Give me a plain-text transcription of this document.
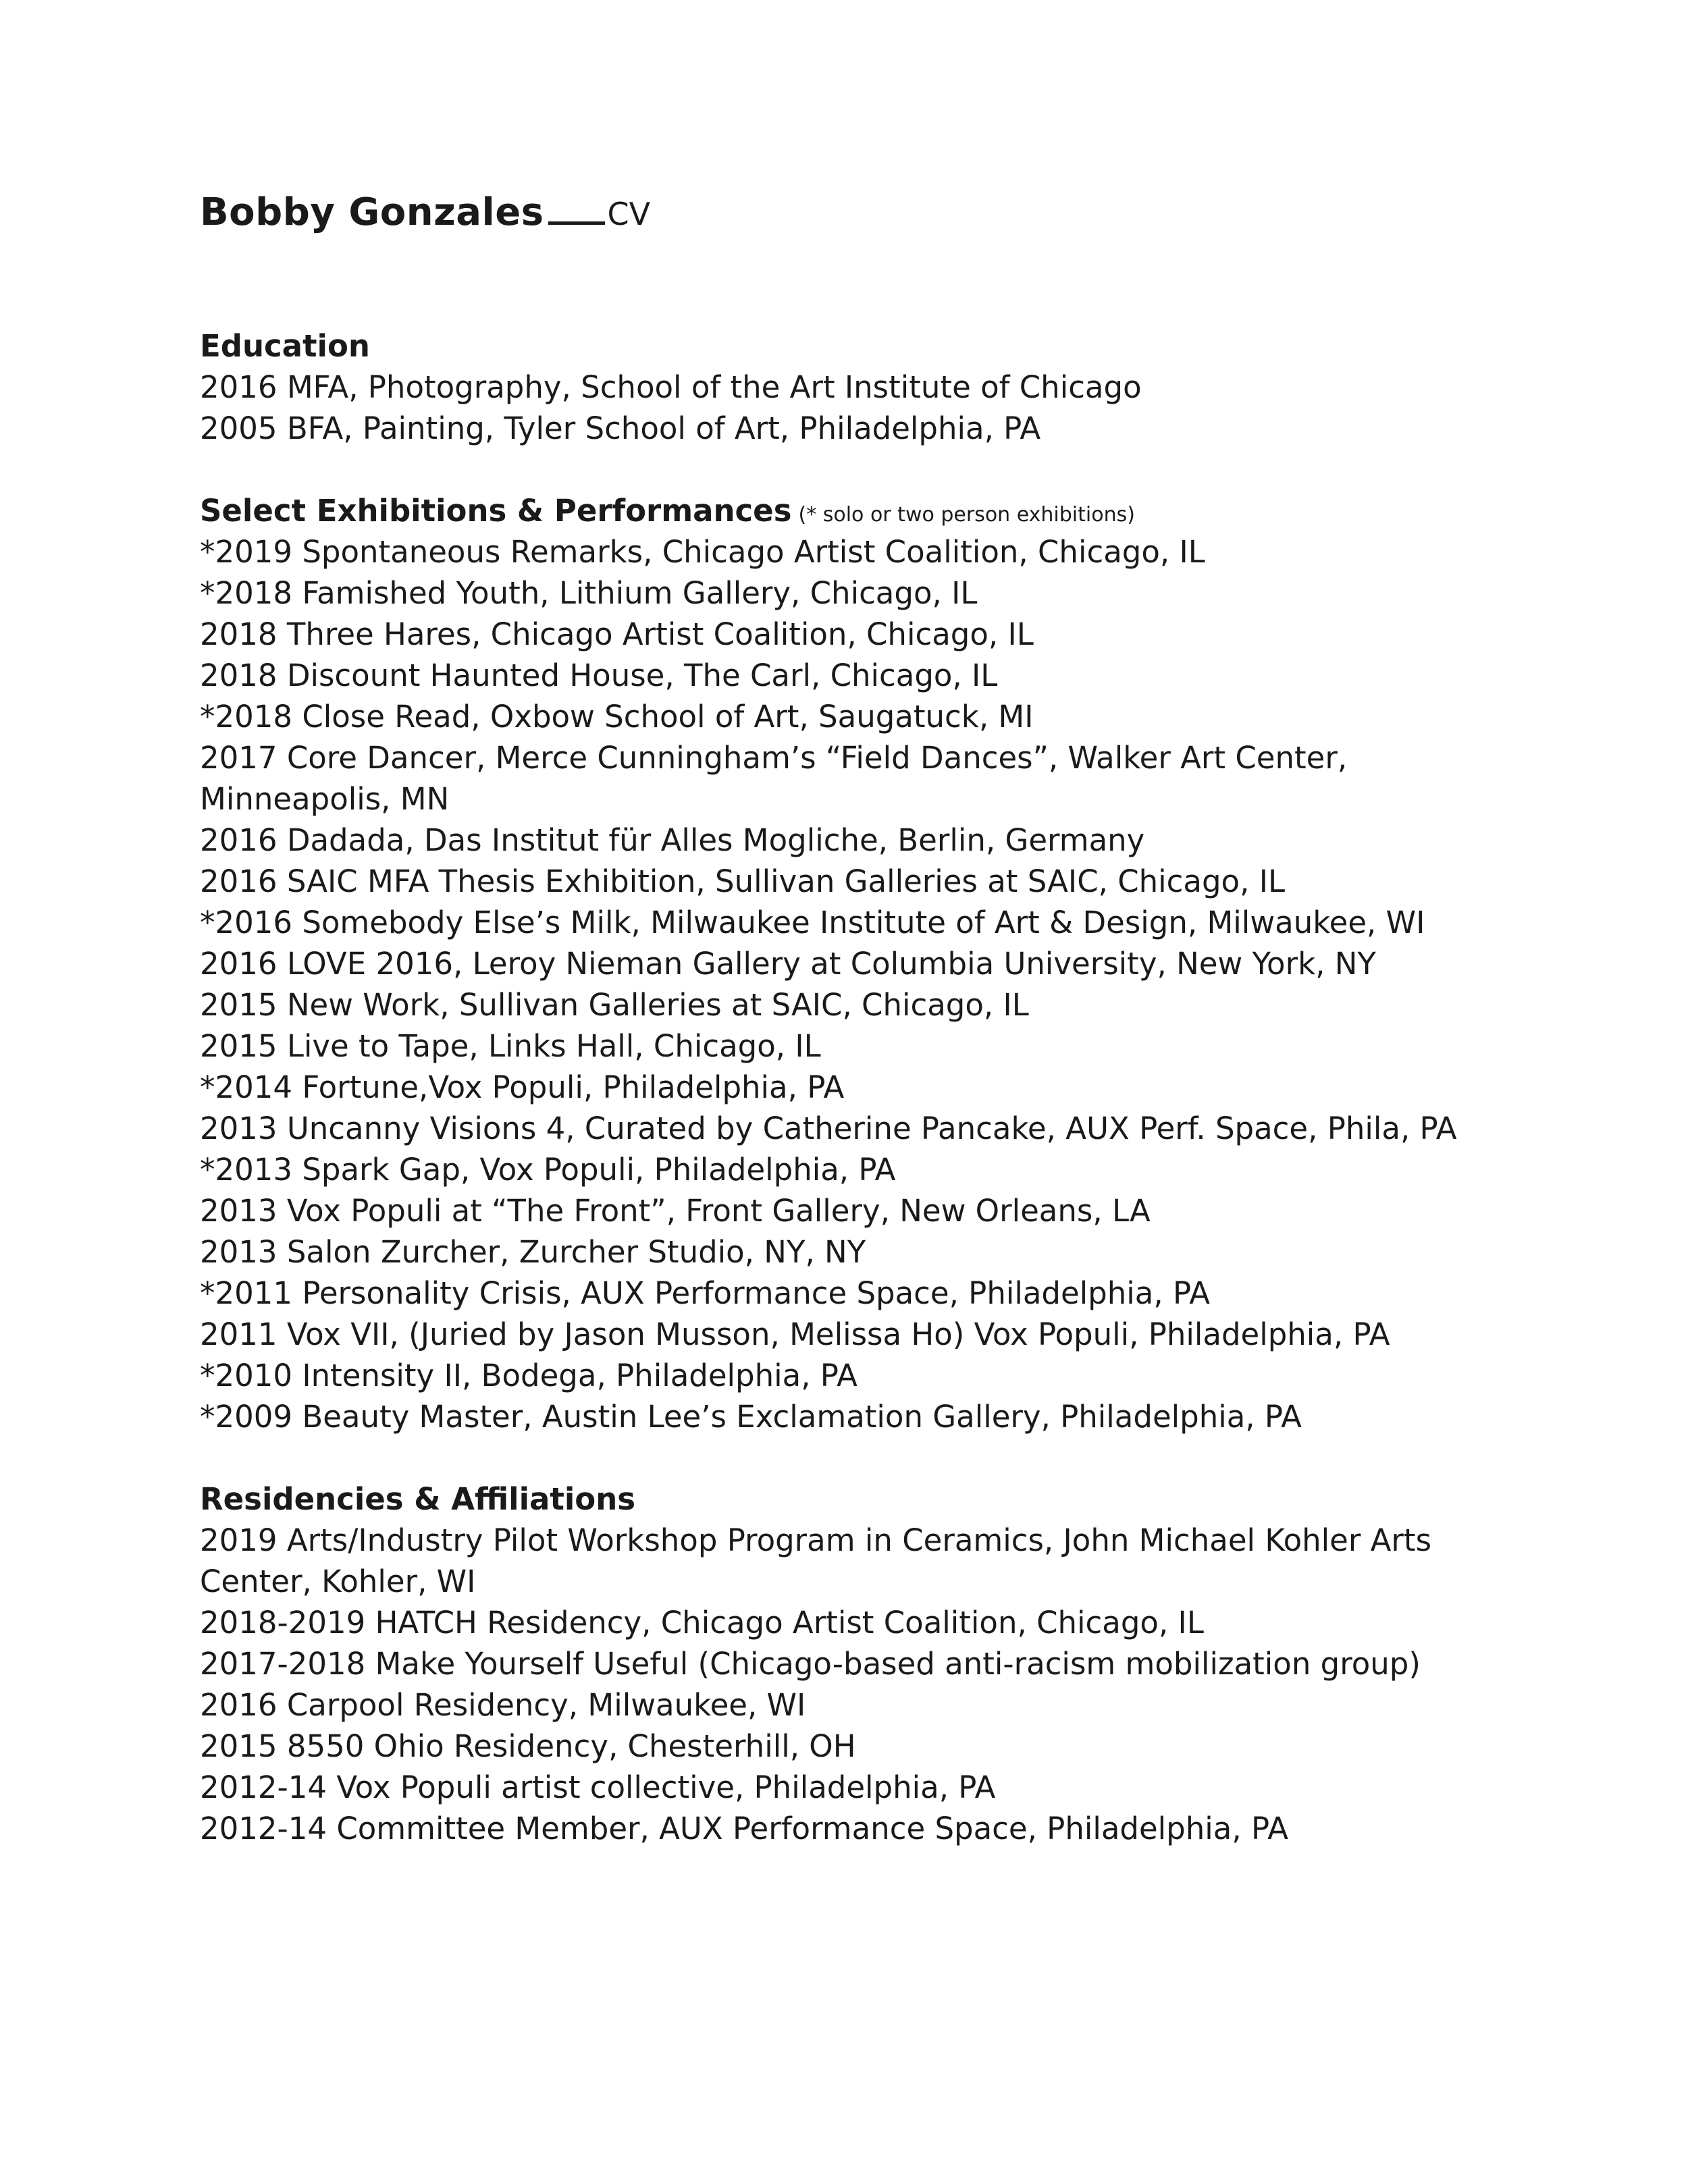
Bobby Gonzales CV
Education
2016 MFA, Photography, School of the Art Institute of Chicago
2005 BFA, Painting, Tyler School of Art, Philadelphia, PA
Select Exhibitions & Performances (* solo or two person exhibitions)
*2019 Spontaneous Remarks, Chicago Artist Coalition, Chicago, IL
*2018 Famished Youth, Lithium Gallery, Chicago, IL
2018 Three Hares, Chicago Artist Coalition, Chicago, IL
2018 Discount Haunted House, The Carl, Chicago, IL
*2018 Close Read, Oxbow School of Art, Saugatuck, MI
2017 Core Dancer, Merce Cunningham’s “Field Dances”, Walker Art Center, Minneapolis, MN
2016 Dadada, Das Institut für Alles Mogliche, Berlin, Germany
2016 SAIC MFA Thesis Exhibition, Sullivan Galleries at SAIC, Chicago, IL
*2016 Somebody Else’s Milk, Milwaukee Institute of Art & Design, Milwaukee, WI
2016 LOVE 2016, Leroy Nieman Gallery at Columbia University, New York, NY
2015 New Work, Sullivan Galleries at SAIC, Chicago, IL
2015 Live to Tape, Links Hall, Chicago, IL
*2014 Fortune,Vox Populi, Philadelphia, PA
2013 Uncanny Visions 4, Curated by Catherine Pancake, AUX Perf. Space, Phila, PA
*2013 Spark Gap, Vox Populi, Philadelphia, PA
2013 Vox Populi at “The Front”, Front Gallery, New Orleans, LA
2013 Salon Zurcher, Zurcher Studio, NY, NY
*2011 Personality Crisis, AUX Performance Space, Philadelphia, PA
2011 Vox VII, (Juried by Jason Musson, Melissa Ho) Vox Populi, Philadelphia, PA
*2010 Intensity II, Bodega, Philadelphia, PA
*2009 Beauty Master, Austin Lee’s Exclamation Gallery, Philadelphia, PA
Residencies & Affiliations
2019 Arts/Industry Pilot Workshop Program in Ceramics, John Michael Kohler Arts Center, Kohler, WI
2018-2019 HATCH Residency, Chicago Artist Coalition, Chicago, IL
2017-2018 Make Yourself Useful (Chicago-based anti-racism mobilization group)
2016 Carpool Residency, Milwaukee, WI
2015 8550 Ohio Residency, Chesterhill, OH
2012-14 Vox Populi artist collective, Philadelphia, PA
2012-14 Committee Member, AUX Performance Space, Philadelphia, PA
